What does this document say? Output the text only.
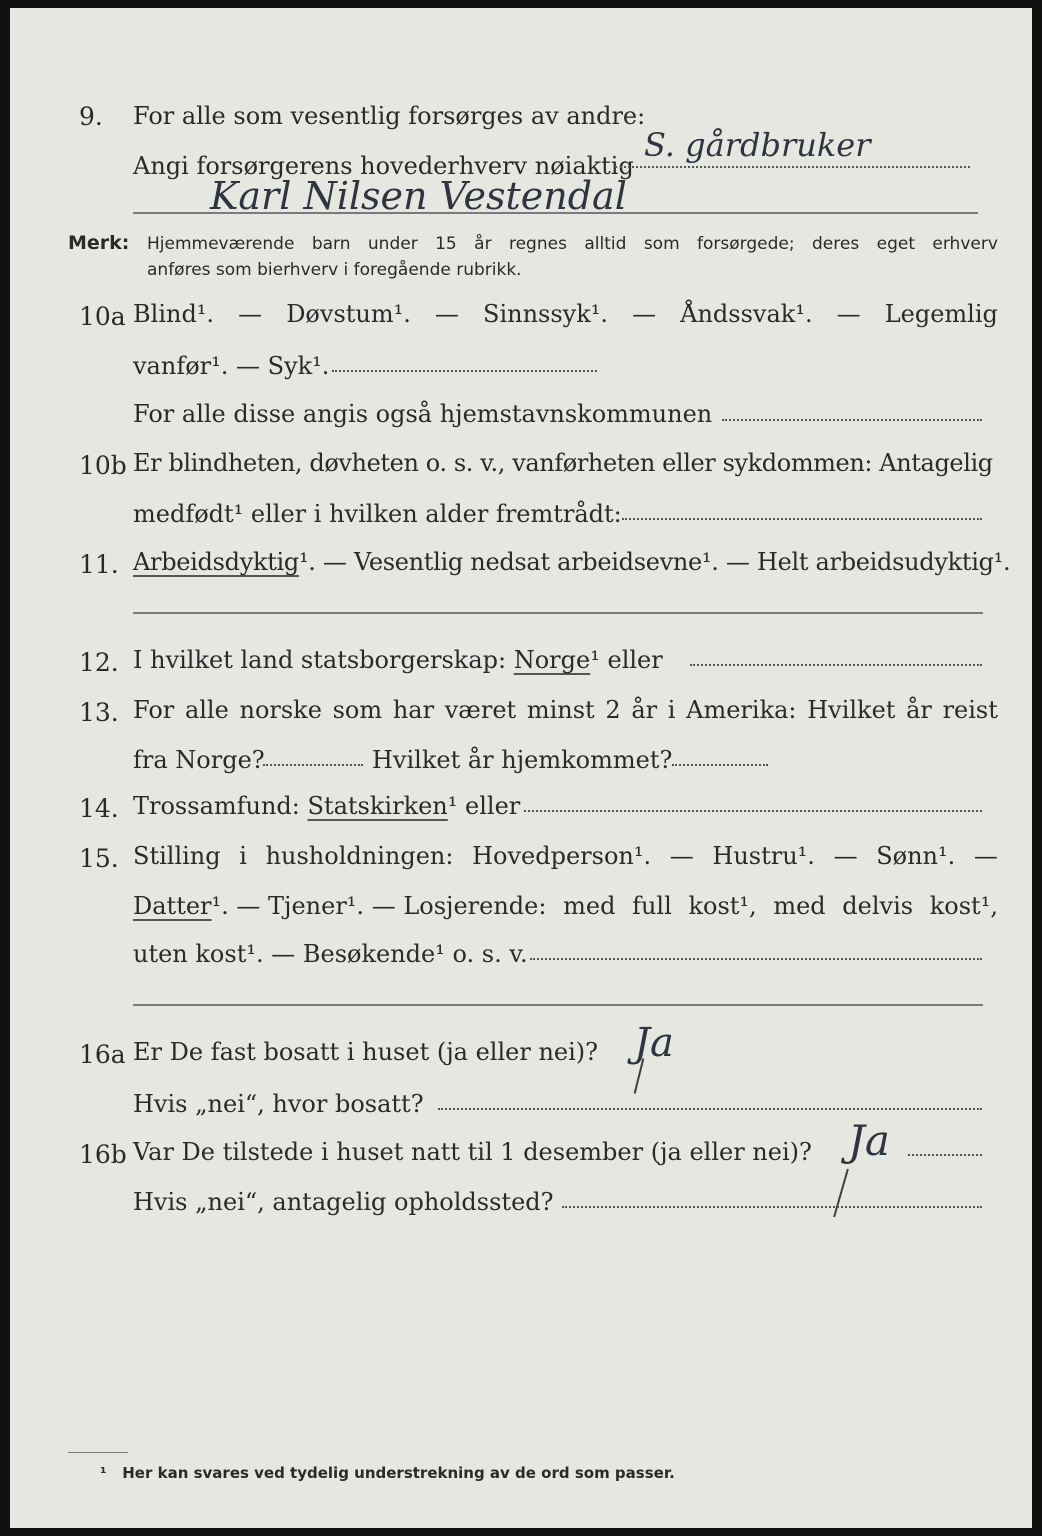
9. For alle som vesentlig forsørges av andre:
S. gårdbruker
Angi forsørgerens hovederhverv nøiaktig
Karl Nilsen Vestendal
Merk: Hjemmeværende barn under 15 år regnes alltid som forsørgede; deres eget erhverv
anføres som bierhverv i foregående rubrikk.
10a Blind¹. — Døvstum¹. — Sinnssyk¹. — Åndssvak¹. — Legemlig
vanfør¹. — Syk¹.
For alle disse angis også hjemstavnskommunen
10b Er blindheten, døvheten o. s. v., vanførheten eller sykdommen: Antagelig
medfødt¹ eller i hvilken alder fremtrådt:
11. Arbeidsdyktig¹. — Vesentlig nedsat arbeidsevne¹. — Helt arbeidsudyktig¹.
12. I hvilket land statsborgerskap: Norge¹ eller
13. For alle norske som har været minst 2 år i Amerika: Hvilket år reist
fra Norge?	Hvilket år hjemkommet?
14. Trossamfund: Statskirken¹ eller
15. Stilling i husholdningen: Hovedperson¹. — Hustru¹. — Sønn¹. —
Datter¹. — Tjener¹. — Losjerende: med full kost¹, med delvis kost¹,
uten kost¹. — Besøkende¹ o. s. v.
16a Er De fast bosatt i huset (ja eller nei)? Ja
Hvis „nei“, hvor bosatt?
16b Var De tilstede i huset natt til 1 desember (ja eller nei)? Ja
Hvis „nei“, antagelig opholdssted?
¹ Her kan svares ved tydelig understrekning av de ord som passer.
